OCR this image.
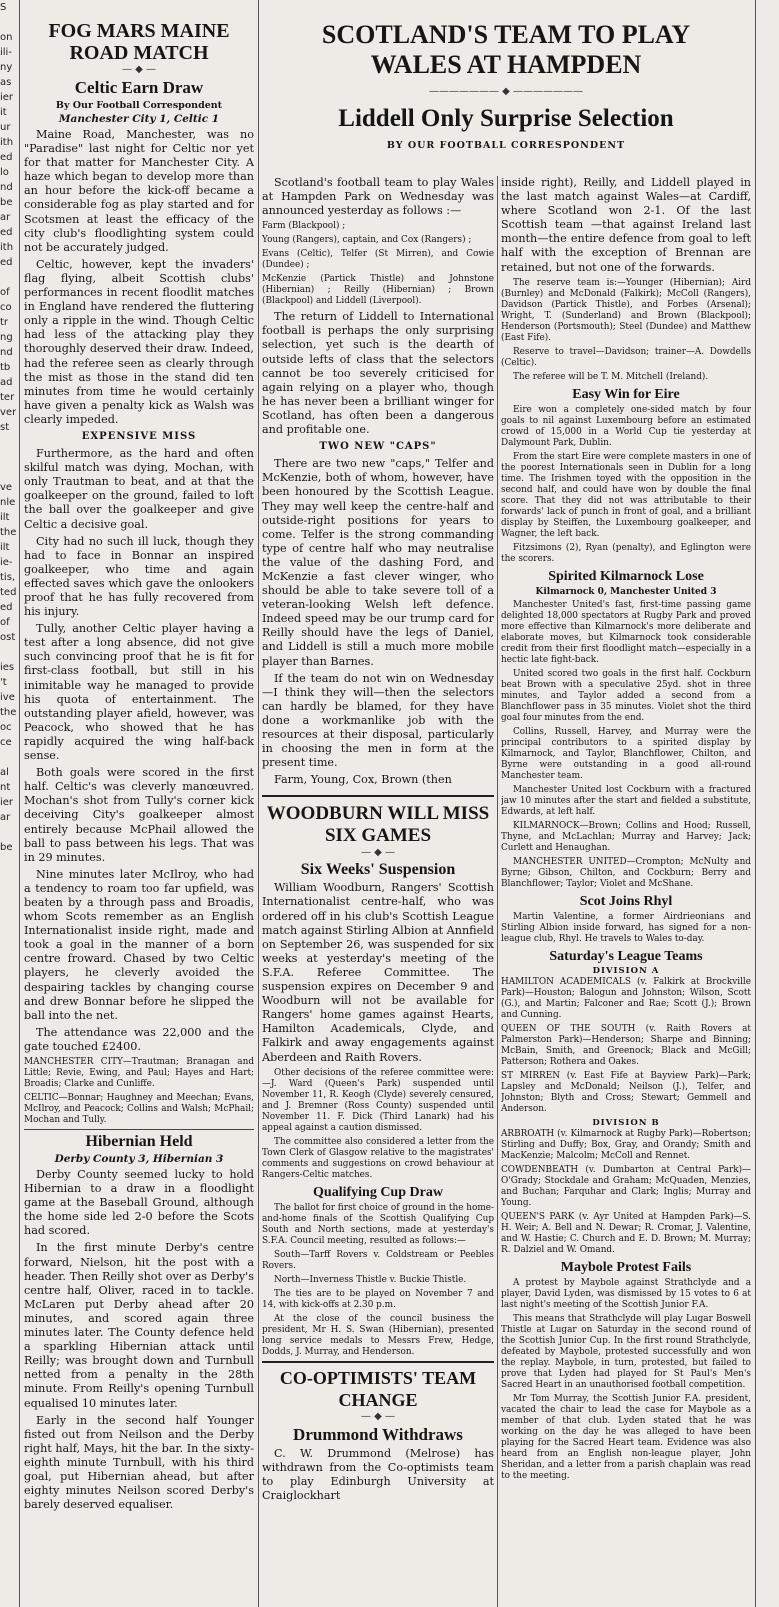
S

on
ili-
ny
as
ier
it
ur
ith
ed
lo
nd
be
ar
ed
ith
ed

of
co
tr
ng
nd
tb
ad
ter
ver
st

ve
nle
ilt
the
ilt
ie-
tis,
ted
ed
of
ost

ies
't
ive
the
oc
ce

al
nt
ier
ar

be

FOG MARS MAINE ROAD MATCH
— ◆ —
Celtic Earn Draw
By Our Football Correspondent
Manchester City 1, Celtic 1

Maine Road, Manchester, was no "Paradise" last night for Celtic nor yet for that matter for Manchester City. A haze which began to develop more than an hour before the kick-off became a considerable fog as play started and for Scotsmen at least the efficacy of the city club's floodlighting system could not be accurately judged.

Celtic, however, kept the invaders' flag flying, albeit Scottish clubs' performances in recent floodlit matches in England have rendered the fluttering only a ripple in the wind. Though Celtic had less of the attacking play they thoroughly deserved their draw. Indeed, had the referee seen as clearly through the mist as those in the stand did ten minutes from time he would certainly have given a penalty kick as Walsh was clearly impeded.

EXPENSIVE MISS

Furthermore, as the hard and often skilful match was dying, Mochan, with only Trautman to beat, and at that the goalkeeper on the ground, failed to loft the ball over the goalkeeper and give Celtic a decisive goal.

City had no such ill luck, though they had to face in Bonnar an inspired goalkeeper, who time and again effected saves which gave the onlookers proof that he has fully recovered from his injury.

Tully, another Celtic player having a test after a long absence, did not give such convincing proof that he is fit for first-class football, but still in his inimitable way he managed to provide his quota of entertainment. The outstanding player afield, however, was Peacock, who showed that he has rapidly acquired the wing half-back sense.

Both goals were scored in the first half. Celtic's was cleverly manœuvred. Mochan's shot from Tully's corner kick deceiving City's goalkeeper almost entirely because McPhail allowed the ball to pass between his legs. That was in 29 minutes.

Nine minutes later McIlroy, who had a tendency to roam too far upfield, was beaten by a through pass and Broadis, whom Scots remember as an English Internationalist inside right, made and took a goal in the manner of a born centre froward. Chased by two Celtic players, he cleverly avoided the despairing tackles by changing course and drew Bonnar before he slipped the ball into the net.

The attendance was 22,000 and the gate touched £2400.

MANCHESTER CITY—Trautman; Branagan and Little; Revie, Ewing, and Paul; Hayes and Hart; Broadis; Clarke and Cunliffe.

CELTIC—Bonnar; Haughney and Meechan; Evans, McIlroy, and Peacock; Collins and Walsh; McPhail; Mochan and Tully.

Hibernian Held
Derby County 3, Hibernian 3

Derby County seemed lucky to hold Hibernian to a draw in a floodlight game at the Baseball Ground, although the home side led 2-0 before the Scots had scored.

In the first minute Derby's centre forward, Nielson, hit the post with a header. Then Reilly shot over as Derby's centre half, Oliver, raced in to tackle. McLaren put Derby ahead after 20 minutes, and scored again three minutes later. The County defence held a sparkling Hibernian attack until Reilly; was brought down and Turnbull netted from a penalty in the 28th minute. From Reilly's opening Turnbull equalised 10 minutes later.

Early in the second half Younger fisted out from Neilson and the Derby right half, Mays, hit the bar. In the sixty-eighth minute Turnbull, with his third goal, put Hibernian ahead, but after eighty minutes Neilson scored Derby's barely deserved equaliser.

SCOTLAND'S TEAM TO PLAY
WALES AT HAMPDEN
——————— ◆ ———————
Liddell Only Surprise Selection
BY OUR FOOTBALL CORRESPONDENT

Scotland's football team to play Wales at Hampden Park on Wednesday was announced yesterday as follows :—

Farm (Blackpool) ;

Young (Rangers), captain, and Cox (Rangers) ;

Evans (Celtic), Telfer (St Mirren), and Cowie (Dundee) ;

McKenzie (Partick Thistle) and Johnstone (Hibernian) ; Reilly (Hibernian) ; Brown (Blackpool) and Liddell (Liverpool).

The return of Liddell to International football is perhaps the only surprising selection, yet such is the dearth of outside lefts of class that the selectors cannot be too severely criticised for again relying on a player who, though he has never been a brilliant winger for Scotland, has often been a dangerous and profitable one.

TWO NEW "CAPS"

There are two new "caps," Telfer and McKenzie, both of whom, however, have been honoured by the Scottish League. They may well keep the centre-half and outside-right positions for years to come. Telfer is the strong commanding type of centre half who may neutralise the value of the dashing Ford, and McKenzie a fast clever winger, who should be able to take severe toll of a veteran-looking Welsh left defence. Indeed speed may be our trump card for Reilly should have the legs of Daniel, and Liddell is still a much more mobile player than Barnes.

If the team do not win on Wednesday—I think they will—then the selectors can hardly be blamed, for they have done a workmanlike job with the resources at their disposal, particularly in choosing the men in form at the present time.

Farm, Young, Cox, Brown (then

WOODBURN WILL MISS SIX GAMES
— ◆ —
Six Weeks' Suspension

William Woodburn, Rangers' Scottish Internationalist centre-half, who was ordered off in his club's Scottish League match against Stirling Albion at Annfield on September 26, was suspended for six weeks at yesterday's meeting of the S.F.A. Referee Committee. The suspension expires on December 9 and Woodburn will not be available for Rangers' home games against Hearts, Hamilton Academicals, Clyde, and Falkirk and away engagements against Aberdeen and Raith Rovers.

Other decisions of the referee committee were:—J. Ward (Queen's Park) suspended until November 11, R. Keogh (Clyde) severely censured, and J. Bremner (Ross County) suspended until November 11. F. Dick (Third Lanark) had his appeal against a caution dismissed.

The committee also considered a letter from the Town Clerk of Glasgow relative to the magistrates' comments and suggestions on crowd behaviour at Rangers-Celtic matches.

Qualifying Cup Draw

The ballot for first choice of ground in the home-and-home finals of the Scottish Qualifying Cup South and North sections, made at yesterday's S.F.A. Council meeting, resulted as follows:—

South—Tarff Rovers v. Coldstream or Peebles Rovers.

North—Inverness Thistle v. Buckie Thistle.

The ties are to be played on November 7 and 14, with kick-offs at 2.30 p.m.

At the close of the council business the president, Mr H. S. Swan (Hibernian), presented long service medals to Messrs Frew, Hedge, Dodds, J. Murray, and Henderson.

CO-OPTIMISTS' TEAM CHANGE
— ◆ —
Drummond Withdraws

C. W. Drummond (Melrose) has withdrawn from the Co-optimists team to play Edinburgh University at Craiglockhart

inside right), Reilly, and Liddell played in the last match against Wales—at Cardiff, where Scotland won 2-1. Of the last Scottish team —that against Ireland last month—the entire defence from goal to left half with the exception of Brennan are retained, but not one of the forwards.

The reserve team is:—Younger (Hibernian); Aird (Burnley) and McDonald (Falkirk); McColl (Rangers), Davidson (Partick Thistle), and Forbes (Arsenal); Wright, T. (Sunderland) and Brown (Blackpool); Henderson (Portsmouth); Steel (Dundee) and Matthew (East Fife).

Reserve to travel—Davidson; trainer—A. Dowdells (Celtic).

The referee will be T. M. Mitchell (Ireland).

Easy Win for Eire

Eire won a completely one-sided match by four goals to nil against Luxembourg before an estimated crowd of 15,000 in a World Cup tie yesterday at Dalymount Park, Dublin.

From the start Eire were complete masters in one of the poorest Internationals seen in Dublin for a long time. The Irishmen toyed with the opposition in the second half, and could have won by double the final score. That they did not was attributable to their forwards' lack of punch in front of goal, and a brilliant display by Steiffen, the Luxembourg goalkeeper, and Wagner, the left back.

Fitzsimons (2), Ryan (penalty), and Eglington were the scorers.

Spirited Kilmarnock Lose
Kilmarnock 0, Manchester United 3

Manchester United's fast, first-time passing game delighted 18,000 spectators at Rugby Park and proved more effective than Kilmarnock's more deliberate and elaborate moves, but Kilmarnock took considerable credit from their first floodlight match—especially in a hectic late fight-back.

United scored two goals in the first half. Cockburn beat Brown with a speculative 25yd. shot in three minutes, and Taylor added a second from a Blanchflower pass in 35 minutes. Violet shot the third goal four minutes from the end.

Collins, Russell, Harvey, and Murray were the principal contributors to a spirited display by Kilmarnock, and Taylor, Blanchflower, Chilton, and Byrne were outstanding in a good all-round Manchester team.

Manchester United lost Cockburn with a fractured jaw 10 minutes after the start and fielded a substitute, Edwards, at left half.

KILMARNOCK—Brown; Collins and Hood; Russell, Thyne, and McLachlan; Murray and Harvey; Jack; Curlett and Henaughan.

MANCHESTER UNITED—Crompton; McNulty and Byrne; Gibson, Chilton, and Cockburn; Berry and Blanchflower; Taylor; Violet and McShane.

Scot Joins Rhyl

Martin Valentine, a former Airdrieonians and Stirling Albion inside forward, has signed for a non-league club, Rhyl. He travels to Wales to-day.

Saturday's League Teams
DIVISION A

HAMILTON ACADEMICALS (v. Falkirk at Brockville Park)—Houston; Balogun and Johnston; Wilson, Scott (G.), and Martin; Falconer and Rae; Scott (J.); Brown and Cunning.

QUEEN OF THE SOUTH (v. Raith Rovers at Palmerston Park)—Henderson; Sharpe and Binning; McBain, Smith, and Greenock; Black and McGill; Patterson; Rothera and Oakes.

ST MIRREN (v. East Fife at Bayview Park)—Park; Lapsley and McDonald; Neilson (J.), Telfer, and Johnston; Blyth and Cross; Stewart; Gemmell and Anderson.

DIVISION B

ARBROATH (v. Kilmarnock at Rugby Park)—Robertson; Stirling and Duffy; Box, Gray, and Orandy; Smith and MacKenzie; Malcolm; McColl and Rennet.

COWDENBEATH (v. Dumbarton at Central Park)—O'Grady; Stockdale and Graham; McQuaden, Menzies, and Buchan; Farquhar and Clark; Inglis; Murray and Young.

QUEEN'S PARK (v. Ayr United at Hampden Park)—S. H. Weir; A. Bell and N. Dewar; R. Cromar, J. Valentine, and W. Hastie; C. Church and E. D. Brown; M. Murray; R. Dalziel and W. Omand.

Maybole Protest Fails

A protest by Maybole against Strathclyde and a player, David Lyden, was dismissed by 15 votes to 6 at last night's meeting of the Scottish Junior F.A.

This means that Strathclyde will play Lugar Boswell Thistle at Lugar on Saturday in the second round of the Scottish Junior Cup. In the first round Strathclyde, defeated by Maybole, protested successfully and won the replay. Maybole, in turn, protested, but failed to prove that Lyden had played for St Paul's Men's Sacred Heart in an unauthorised football competition.

Mr Tom Murray, the Scottish Junior F.A. president, vacated the chair to lead the case for Maybole as a member of that club. Lyden stated that he was working on the day he was alleged to have been playing for the Sacred Heart team. Evidence was also heard from an English non-league player, John Sheridan, and a letter from a parish chaplain was read to the meeting.
